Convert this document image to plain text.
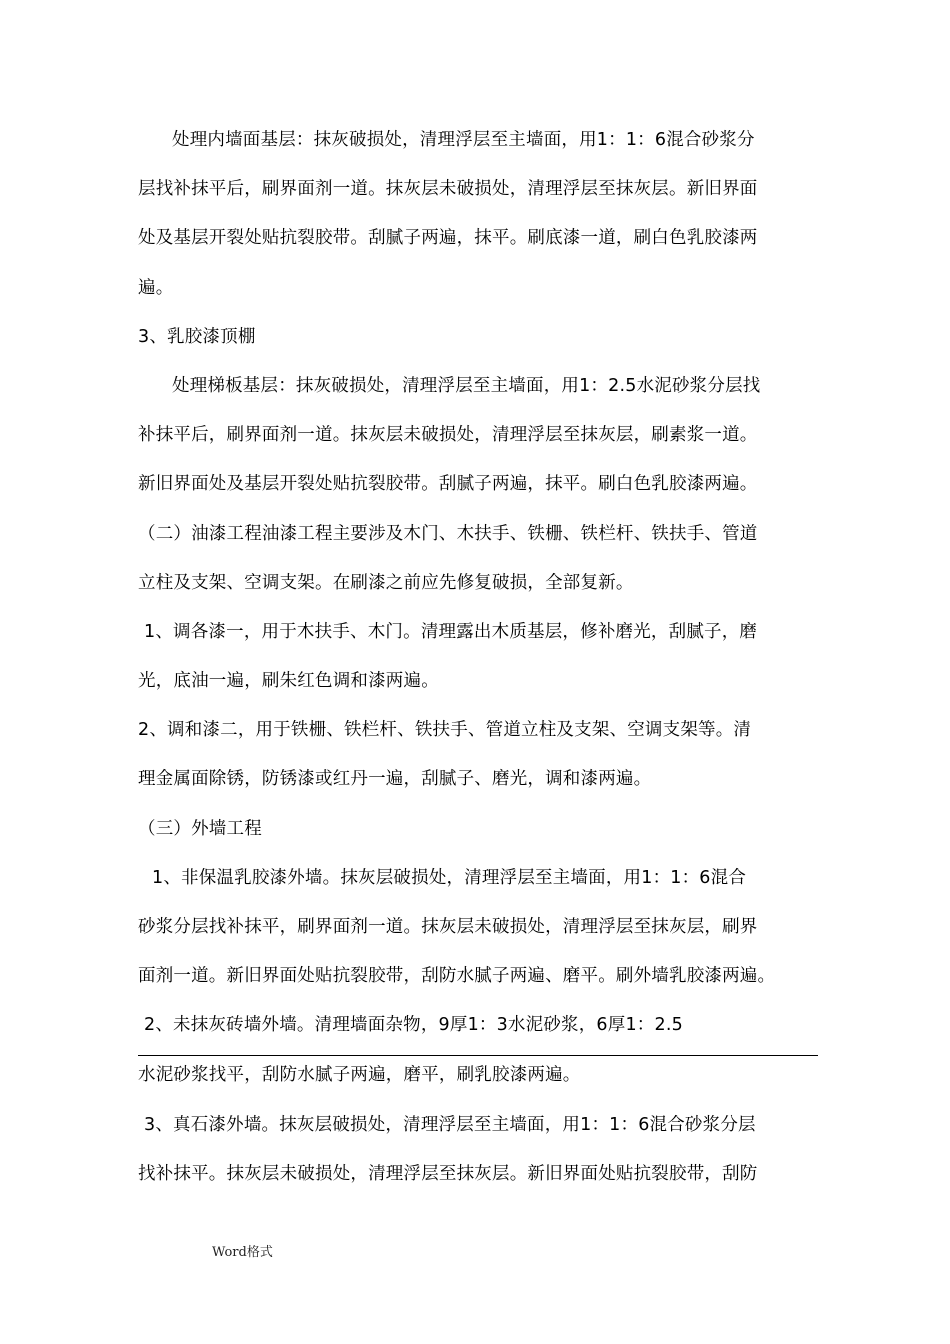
处理内墙面基层：抹灰破损处，清理浮层至主墙面，用1：1：6混合砂浆分
层找补抹平后，刷界面剂一道。抹灰层未破损处，清理浮层至抹灰层。新旧界面
处及基层开裂处贴抗裂胶带。刮腻子两遍，抹平。刷底漆一道，刷白色乳胶漆两
遍。
3、乳胶漆顶棚
处理梯板基层：抹灰破损处，清理浮层至主墙面，用1：2.5水泥砂浆分层找
补抹平后，刷界面剂一道。抹灰层未破损处，清理浮层至抹灰层，刷素浆一道。
新旧界面处及基层开裂处贴抗裂胶带。刮腻子两遍，抹平。刷白色乳胶漆两遍。
（二）油漆工程油漆工程主要涉及木门、木扶手、铁栅、铁栏杆、铁扶手、管道
立柱及支架、空调支架。在刷漆之前应先修复破损，全部复新。
1、调各漆一，用于木扶手、木门。清理露出木质基层，修补磨光，刮腻子，磨
光，底油一遍，刷朱红色调和漆两遍。
2、调和漆二，用于铁栅、铁栏杆、铁扶手、管道立柱及支架、空调支架等。清
理金属面除锈，防锈漆或红丹一遍，刮腻子、磨光，调和漆两遍。
（三）外墙工程
1、非保温乳胶漆外墙。抹灰层破损处，清理浮层至主墙面，用1：1：6混合
砂浆分层找补抹平，刷界面剂一道。抹灰层未破损处，清理浮层至抹灰层，刷界
面剂一道。新旧界面处贴抗裂胶带，刮防水腻子两遍、磨平。刷外墙乳胶漆两遍。
2、未抹灰砖墙外墙。清理墙面杂物，9厚1：3水泥砂浆，6厚1：2.5
水泥砂浆找平，刮防水腻子两遍，磨平，刷乳胶漆两遍。
3、真石漆外墙。抹灰层破损处，清理浮层至主墙面，用1：1：6混合砂浆分层
找补抹平。抹灰层未破损处，清理浮层至抹灰层。新旧界面处贴抗裂胶带，刮防
Word格式
